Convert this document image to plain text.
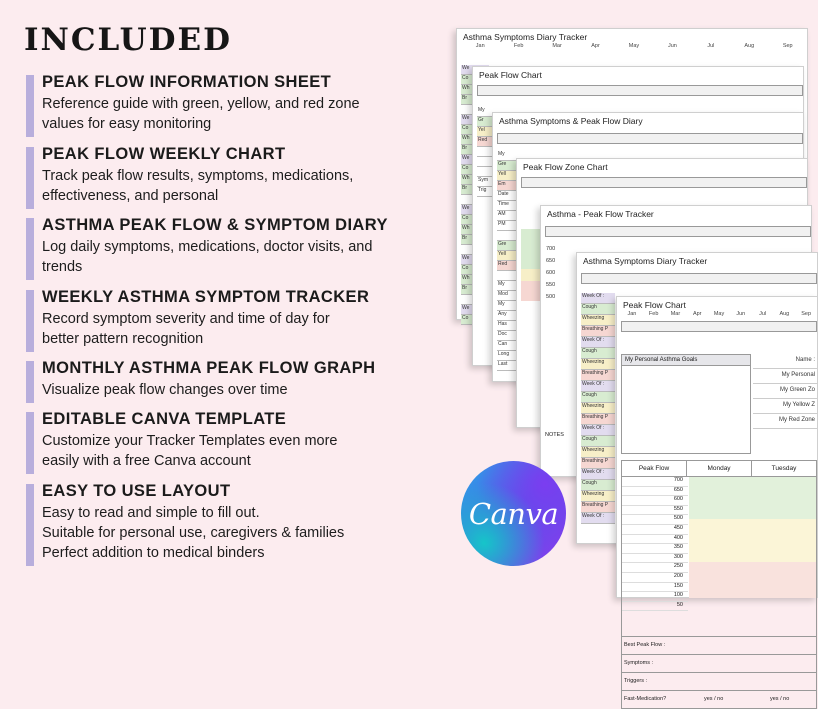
INCLUDED
PEAK FLOW INFORMATION SHEET
Reference guide with green, yellow, and red zone
values for easy monitoring
PEAK FLOW WEEKLY CHART
Track peak flow results, symptoms, medications,
effectiveness, and personal
ASTHMA PEAK FLOW & SYMPTOM DIARY
Log daily symptoms, medications, doctor visits, and
trends
WEEKLY ASTHMA SYMPTOM TRACKER
Record symptom severity and time of day for
better pattern recognition
MONTHLY ASTHMA PEAK FLOW GRAPH
Visualize peak flow changes over time
EDITABLE CANVA TEMPLATE
Customize your Tracker Templates even more
easily with a free Canva account
EASY TO USE LAYOUT
Easy to read and simple to fill out.
Suitable for personal use, caregivers & families
Perfect addition to medical binders
Asthma Symptoms Diary Tracker
Jan	Feb	Mar	Apr	May	Jun	Jul	Aug	Sep
We
Co
Wh
Br

We
Co
Wh
Br
We
Co
Wh
Br

We
Co
Wh
Br

We
Co
Wh
Br

We
Co
Peak Flow Chart
My
Gr
Yel
Red

Sym
Trig
Asthma Symptoms & Peak Flow Diary
My
Gre
Yell
Em
Date
Time
AM
PM

Gre
Yell
Red

My
Mod
My
Any
Has
Doc
Can
Long
Last
Peak Flow Zone Chart
Asthma - Peak Flow Tracker
700
650
600
550
500
NOTES
Asthma Symptoms Diary Tracker
Week Of :
Cough
Wheezing
Breathing P
Week Of :
Cough
Wheezing
Breathing P
Week Of :
Cough
Wheezing
Breathing P
Week Of :
Cough
Wheezing
Breathing P
Week Of :
Cough
Wheezing
Breathing P
Week Of :
Peak Flow Chart
Jan	Feb	Mar	Apr	May	Jun	Jul	Aug	Sep
My Personal Asthma Goals	Name :
My Personal
My Green Zo
My Yellow Z
My Red Zone
Peak Flow	Monday	Tuesday
700
650
600
550
500
450
400
350
300
250
200
150
100
50
Best Peak Flow :
Symptoms :
Triggers :
Fast-Medication?	yes / no	yes / no
Canva
